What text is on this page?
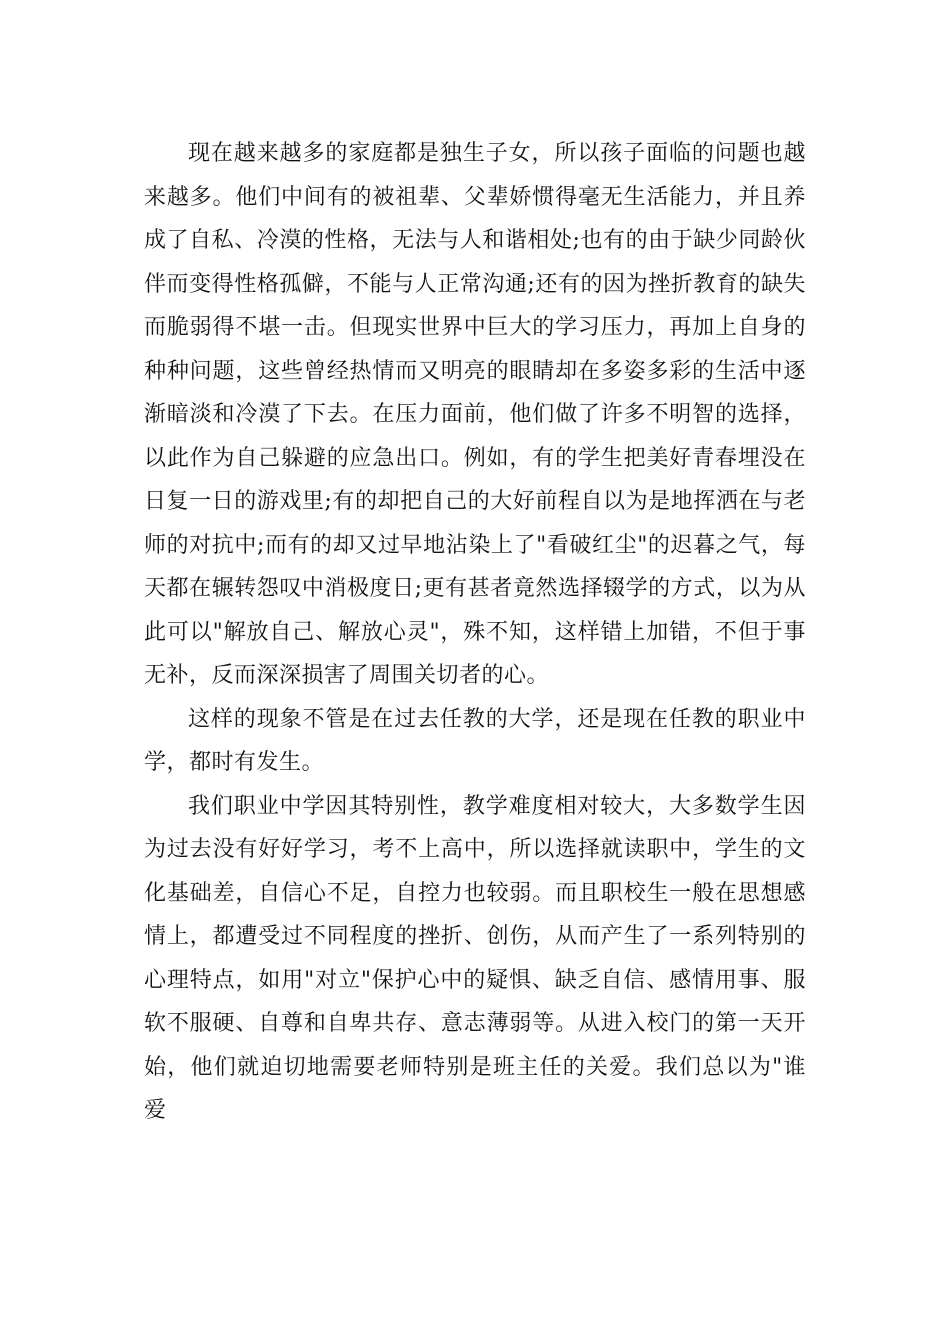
现在越来越多的家庭都是独生子女，所以孩子面临的问题也越来越多。他们中间有的被祖辈、父辈娇惯得毫无生活能力，并且养成了自私、冷漠的性格，无法与人和谐相处;也有的由于缺少同龄伙伴而变得性格孤僻，不能与人正常沟通;还有的因为挫折教育的缺失而脆弱得不堪一击。但现实世界中巨大的学习压力，再加上自身的种种问题，这些曾经热情而又明亮的眼睛却在多姿多彩的生活中逐渐暗淡和冷漠了下去。在压力面前，他们做了许多不明智的选择，以此作为自己躲避的应急出口。例如，有的学生把美好青春埋没在日复一日的游戏里;有的却把自己的大好前程自以为是地挥洒在与老师的对抗中;而有的却又过早地沾染上了"看破红尘"的迟暮之气，每天都在辗转怨叹中消极度日;更有甚者竟然选择辍学的方式，以为从此可以"解放自己、解放心灵"，殊不知，这样错上加错，不但于事无补，反而深深损害了周围关切者的心。

这样的现象不管是在过去任教的大学，还是现在任教的职业中学，都时有发生。

我们职业中学因其特别性，教学难度相对较大，大多数学生因为过去没有好好学习，考不上高中，所以选择就读职中，学生的文化基础差，自信心不足，自控力也较弱。而且职校生一般在思想感情上，都遭受过不同程度的挫折、创伤，从而产生了一系列特别的心理特点，如用"对立"保护心中的疑惧、缺乏自信、感情用事、服软不服硬、自尊和自卑共存、意志薄弱等。从进入校门的第一天开始，他们就迫切地需要老师特别是班主任的关爱。我们总以为"谁爱
